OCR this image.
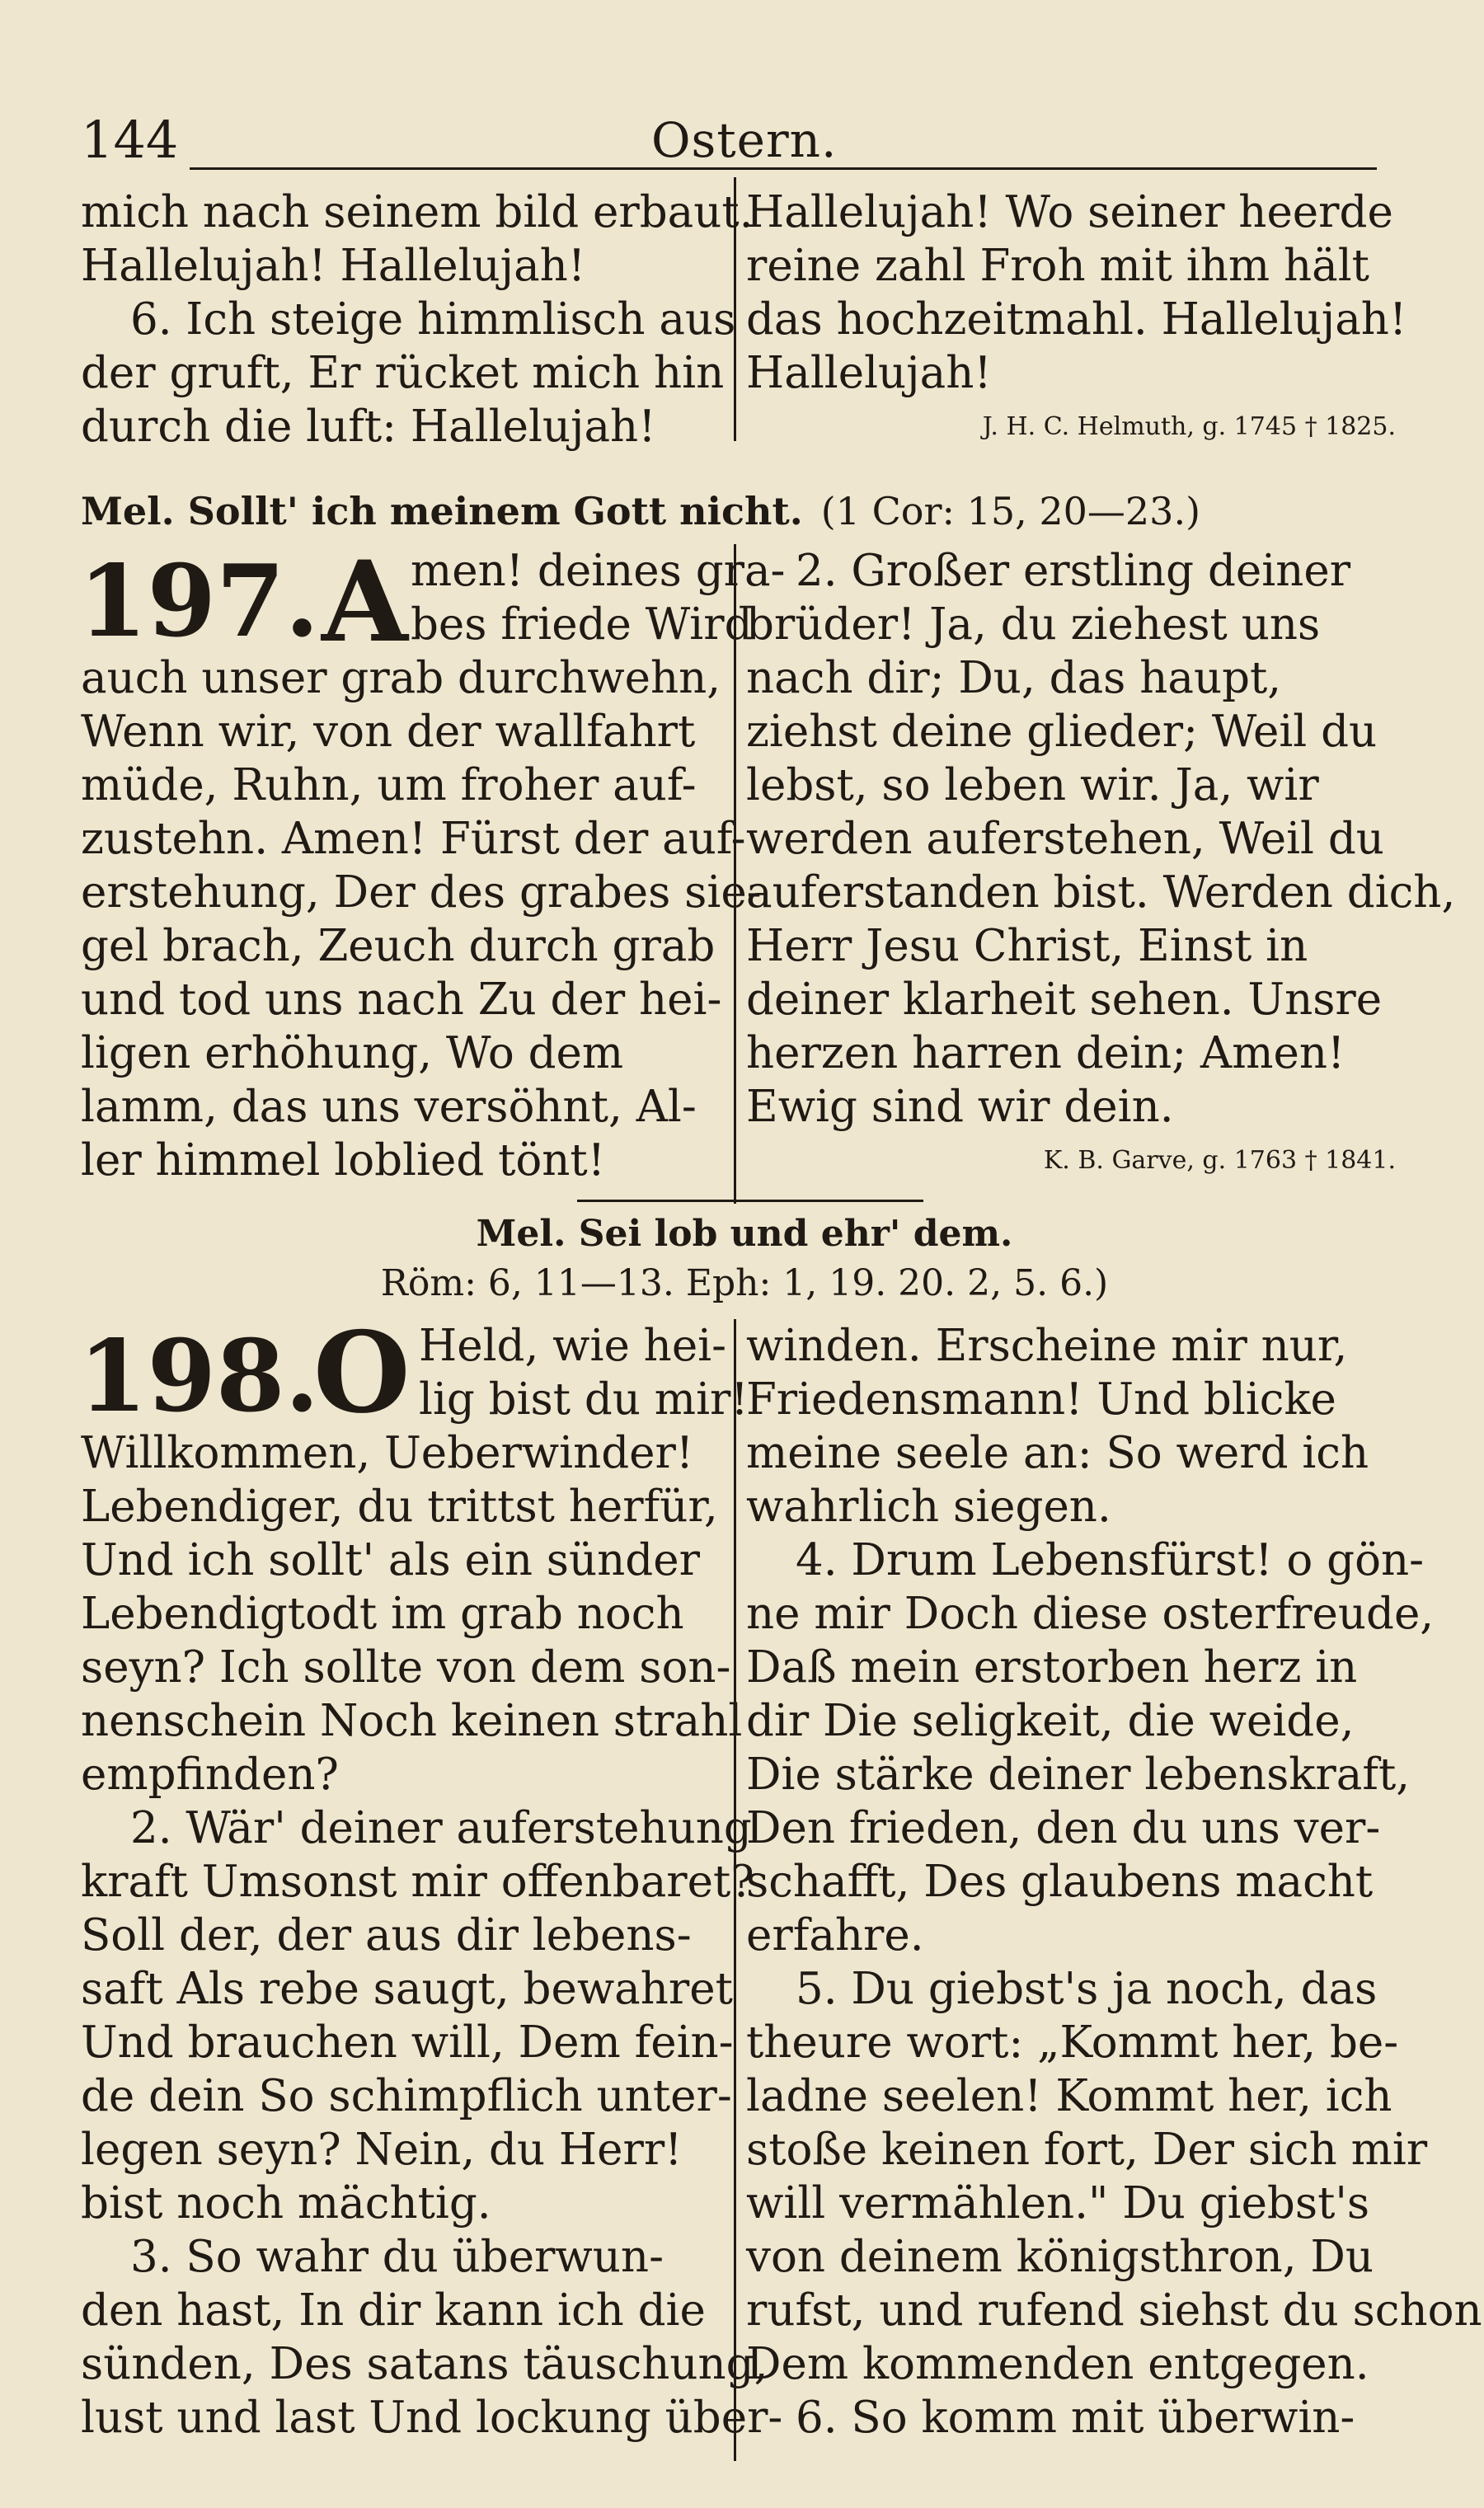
144	Ostern.
mich nach seinem bild erbaut.
Hallelujah! Hallelujah!
6. Ich steige himmlisch aus
der gruft, Er rücket mich hin
durch die luft: Hallelujah!
Hallelujah! Wo seiner heerde
reine zahl Froh mit ihm hält
das hochzeitmahl. Hallelujah!
Hallelujah!
J. H. C. Helmuth, g. 1745 † 1825.
Mel. Sollt' ich meinem Gott nicht. (1 Cor: 15, 20—23.)
197. A men! deines gra-
bes friede Wird
auch unser grab durchwehn,
Wenn wir, von der wallfahrt
müde, Ruhn, um froher auf-
zustehn. Amen! Fürst der auf-
erstehung, Der des grabes sie-
gel brach, Zeuch durch grab
und tod uns nach Zu der hei-
ligen erhöhung, Wo dem
lamm, das uns versöhnt, Al-
ler himmel loblied tönt!
2. Großer erstling deiner
brüder! Ja, du ziehest uns
nach dir; Du, das haupt,
ziehst deine glieder; Weil du
lebst, so leben wir. Ja, wir
werden auferstehen, Weil du
auferstanden bist. Werden dich,
Herr Jesu Christ, Einst in
deiner klarheit sehen. Unsre
herzen harren dein; Amen!
Ewig sind wir dein.
K. B. Garve, g. 1763 † 1841.
Mel. Sei lob und ehr' dem.
Röm: 6, 11—13. Eph: 1, 19. 20. 2, 5. 6.)
198.
O Held, wie hei-
lig bist du mir!
Willkommen, Ueberwinder!
Lebendiger, du trittst herfür,
Und ich sollt' als ein sünder
Lebendigtodt im grab noch
seyn? Ich sollte von dem son-
nenschein Noch keinen strahl
empfinden?
2. Wär' deiner auferstehung
kraft Umsonst mir offenbaret?
Soll der, der aus dir lebens-
saft Als rebe saugt, bewahret
Und brauchen will, Dem fein-
de dein So schimpflich unter-
legen seyn? Nein, du Herr!
bist noch mächtig.
3. So wahr du überwun-
den hast, In dir kann ich die
sünden, Des satans täuschung,
lust und last Und lockung über-
winden. Erscheine mir nur,
Friedensmann! Und blicke
meine seele an: So werd ich
wahrlich siegen.
4. Drum Lebensfürst! o gön-
ne mir Doch diese osterfreude,
Daß mein erstorben herz in
dir Die seligkeit, die weide,
Die stärke deiner lebenskraft,
Den frieden, den du uns ver-
schafft, Des glaubens macht
erfahre.
5. Du giebst's ja noch, das
theure wort: „Kommt her, be-
ladne seelen! Kommt her, ich
stoße keinen fort, Der sich mir
will vermählen." Du giebst's
von deinem königsthron, Du
rufst, und rufend siehst du schon
Dem kommenden entgegen.
6. So komm mit überwin-
